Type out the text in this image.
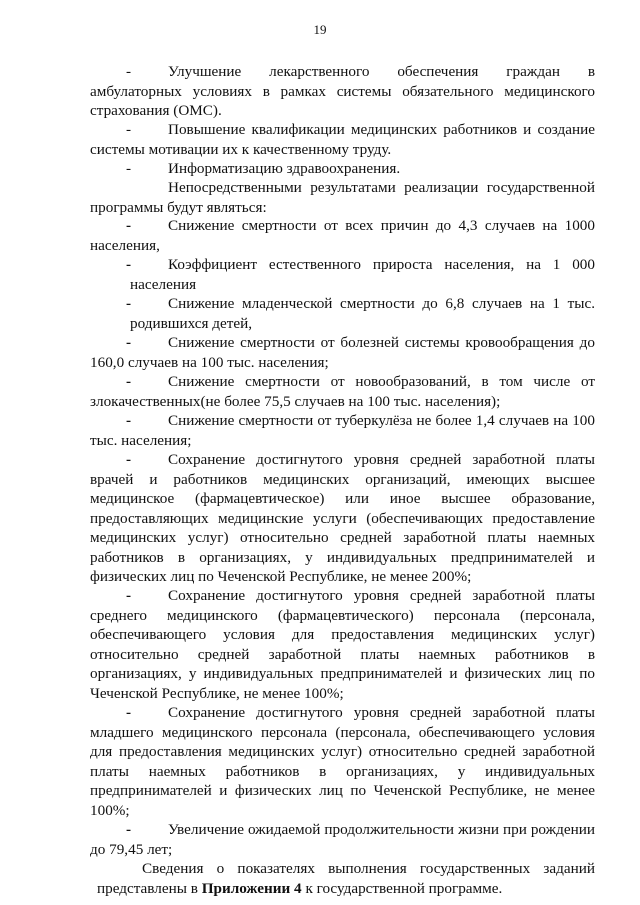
19
-	Улучшение лекарственного обеспечения граждан в
амбулаторных условиях в рамках системы обязательного медицинского страхования (ОМС).
-	Повышение квалификации медицинских работников и создание
системы мотивации их к качественному труду.
-	Информатизацию здравоохранения.
Непосредственными результатами реализации государственной
программы будут являться:
-	Снижение смертности от всех причин до 4,3 случаев на 1000
населения,
-	Коэффициент естественного прироста населения, на 1 000
населения
-	Снижение младенческой смертности до 6,8 случаев на 1 тыс.
родившихся детей,
-	Снижение смертности от болезней системы кровообращения до
160,0 случаев на 100 тыс. населения;
-	Снижение смертности от новообразований, в том числе от
злокачественных(не более 75,5 случаев на 100 тыс. населения);
-	Снижение смертности от туберкулёза не более 1,4 случаев на 100
тыс. населения;
-	Сохранение достигнутого уровня средней заработной платы
врачей и работников медицинских организаций, имеющих высшее медицинское (фармацевтическое) или иное высшее образование, предоставляющих медицинские услуги (обеспечивающих предоставление медицинских услуг) относительно средней заработной платы наемных работников в организациях, у индивидуальных предпринимателей и физических лиц по Чеченской Республике, не менее 200%;
-	Сохранение достигнутого уровня средней заработной платы
среднего медицинского (фармацевтического) персонала (персонала, обеспечивающего условия для предоставления медицинских услуг) относительно средней заработной платы наемных работников в организациях, у индивидуальных предпринимателей и физических лиц по Чеченской Республике, не менее 100%;
-	Сохранение достигнутого уровня средней заработной платы
младшего медицинского персонала (персонала, обеспечивающего условия для предоставления медицинских услуг) относительно средней заработной платы наемных работников в организациях, у индивидуальных предпринимателей и физических лиц по Чеченской Республике, не менее 100%;
-	Увеличение ожидаемой продолжительности жизни при рождении
до 79,45 лет;
Сведения о показателях выполнения государственных заданий представлены в Приложении 4 к государственной программе.
